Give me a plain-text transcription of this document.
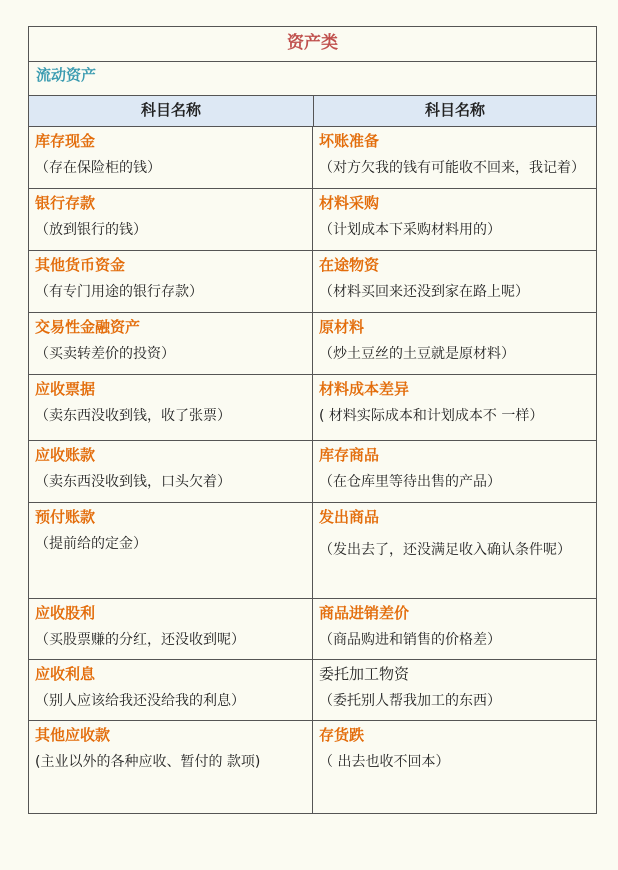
资产类
流动资产
科目名称	科目名称
库存现金
（存在保险柜的钱）
坏账准备
（对方欠我的钱有可能收不回来，我记着）
银行存款
（放到银行的钱）
材料采购
（计划成本下采购材料用的）
其他货币资金
（有专门用途的银行存款）
在途物资
（材料买回来还没到家在路上呢）
交易性金融资产
（买卖转差价的投资）
原材料
（炒土豆丝的土豆就是原材料）
应收票据
（卖东西没收到钱，收了张票）
材料成本差异
( 材料实际成本和计划成本不 一样）
应收账款
（卖东西没收到钱，口头欠着）
库存商品
（在仓库里等待出售的产品）
预付账款
（提前给的定金）
发出商品
（发出去了，还没满足收入确认条件呢）
应收股利
（买股票赚的分红，还没收到呢）
商品进销差价
（商品购进和销售的价格差）
应收利息
（别人应该给我还没给我的利息）
委托加工物资
（委托别人帮我加工的东西）
其他应收款
(主业以外的各种应收、暂付的 款项)
存货跌
（ 出去也收不回本）
